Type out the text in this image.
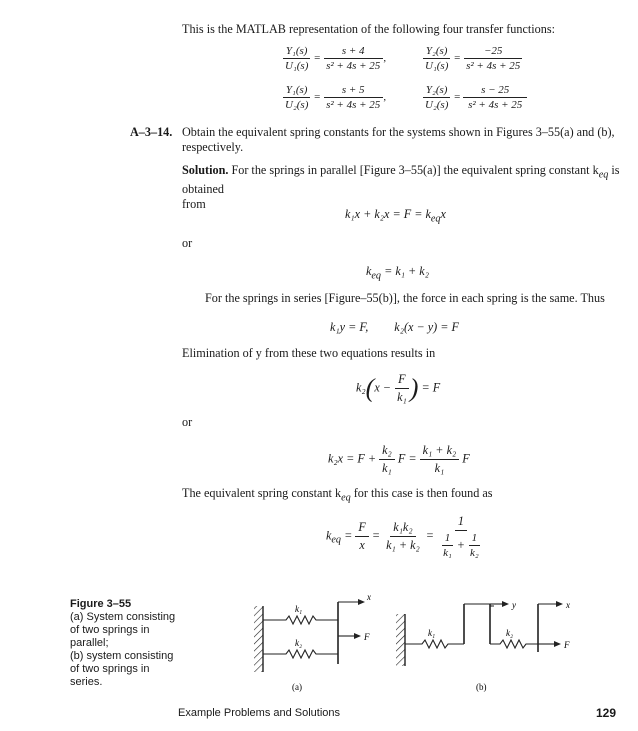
This is the MATLAB representation of the following four transfer functions:
$\frac{\text{Y₁(s)}}{\text{U₁(s)}} = \frac{s + 4}{\text{s² + 4s + 25}}$ ,	$\frac{\text{Y₂(s)}}{\text{U₁(s)}} = \frac{-25}{\text{s² + 4s + 25}}$
$\frac{\text{Y₁(s)}}{\text{U₂(s)}} = \frac{s + 5}{\text{s² + 4s + 25}}$ ,	$\frac{\text{Y₂(s)}}{\text{U₂(s)}} = \frac{s - 25}{\text{s² + 4s + 25}}$
A–3–14. Obtain the equivalent spring constants for the systems shown in Figures 3–55(a) and (b),
respectively.
Solution. For the springs in parallel [Figure 3–55(a)] the equivalent spring constant $k_{eq}$ is obtained
from
$k_1x + k_2x = F = k_{eq}x$
or
$k_{eq} = k_1 + k_2$
For the springs in series [Figure–55(b)], the force in each spring is the same. Thus
k₁y = F, k₂(x − y) = F
Elimination of y from these two equations results in
$k_2(x - \frac{F}{\text{k₁}}$ ) = F
or
$k_2x = F + \frac{\text{k₂}}{\text{k₁}}$ $F = \frac{\text{k₁ + k₂}}{\text{k₁}}$ F
The equivalent spring constant $k_{eq}$ for this case is then found as
$k_{eq} = \frac{F}{x} = \frac{\text{k₁k₂}}{\text{k₁ + k₂}} = \frac{1}{\frac{1}{\text{k₁}} + \frac{1}{\text{k₂}}}$
Figure 3–55
(a) System consisting
of two springs in
parallel;
(b) system consisting
of two springs in
series.
k₁
k₂
x
F
(a)
k₁	k₂
y	x
F
(b)
Example Problems and Solutions	129
